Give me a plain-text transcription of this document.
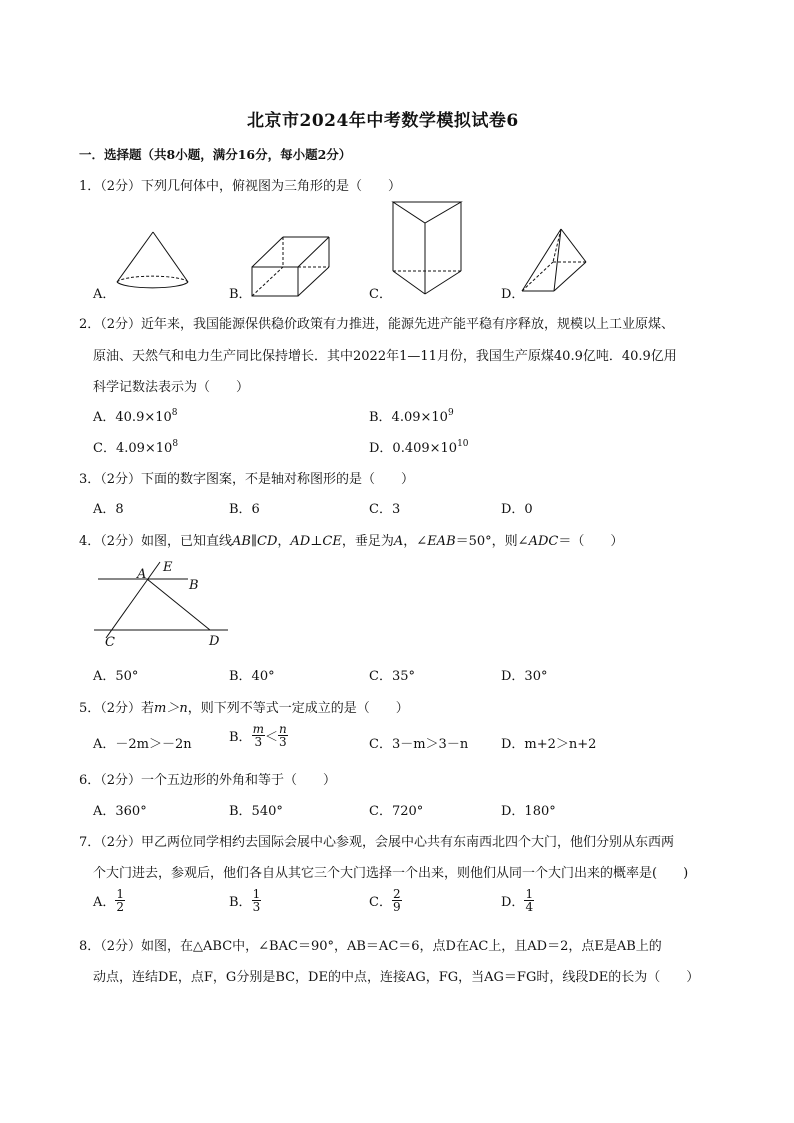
北京市2024年中考数学模拟试卷6
一．选择题（共8小题，满分16分，每小题2分）
1．（2分）下列几何体中，俯视图为三角形的是（　　）
A．	B．	C．	D．
2．（2分）近年来，我国能源保供稳价政策有力推进，能源先进产能平稳有序释放，规模以上工业原煤、
原油、天然气和电力生产同比保持增长．其中2022年1—11月份，我国生产原煤40.9亿吨．40.9亿用
科学记数法表示为（　　）
A．$40.9\times 10^8$	B．$4.09\times 10^9$
C．$4.09\times 10^8$	D．$0.409\times 10^{10}$
3．（2分）下面的数字图案，不是轴对称图形的是（　　）
A．8	B．6	C．3	D．0
4．（2分）如图，已知直线AB∥CD，AD⊥CE，垂足为A，∠EAB＝50°，则∠ADC＝（　　）
A E
B
C	D
A．50°	B．40°	C．35°	D．30°
5．（2分）若m＞n，则下列不等式一定成立的是（　　）
A．－2m＞－2n	B． $\frac{m}{3} < \frac{n}{3}$	C．3－m＞3－n	D．m+2＞n+2
6．（2分）一个五边形的外角和等于（　　）
A．360°	B．540°	C．720°	D．180°
7．（2分）甲乙两位同学相约去国际会展中心参观，会展中心共有东南西北四个大门，他们分别从东西两
个大门进去，参观后，他们各自从其它三个大门选择一个出来，则他们从同一个大门出来的概率是(　　)
A． $\frac{1}{2}$	B． $\frac{1}{3}$	C． $\frac{2}{9}$	D． $\frac{1}{4}$
8．（2分）如图，在△ABC中，∠BAC＝90°，AB＝AC＝6，点D在AC上，且AD＝2，点E是AB上的
动点，连结DE，点F，G分别是BC，DE的中点，连接AG，FG，当AG＝FG时，线段DE的长为（　　）
